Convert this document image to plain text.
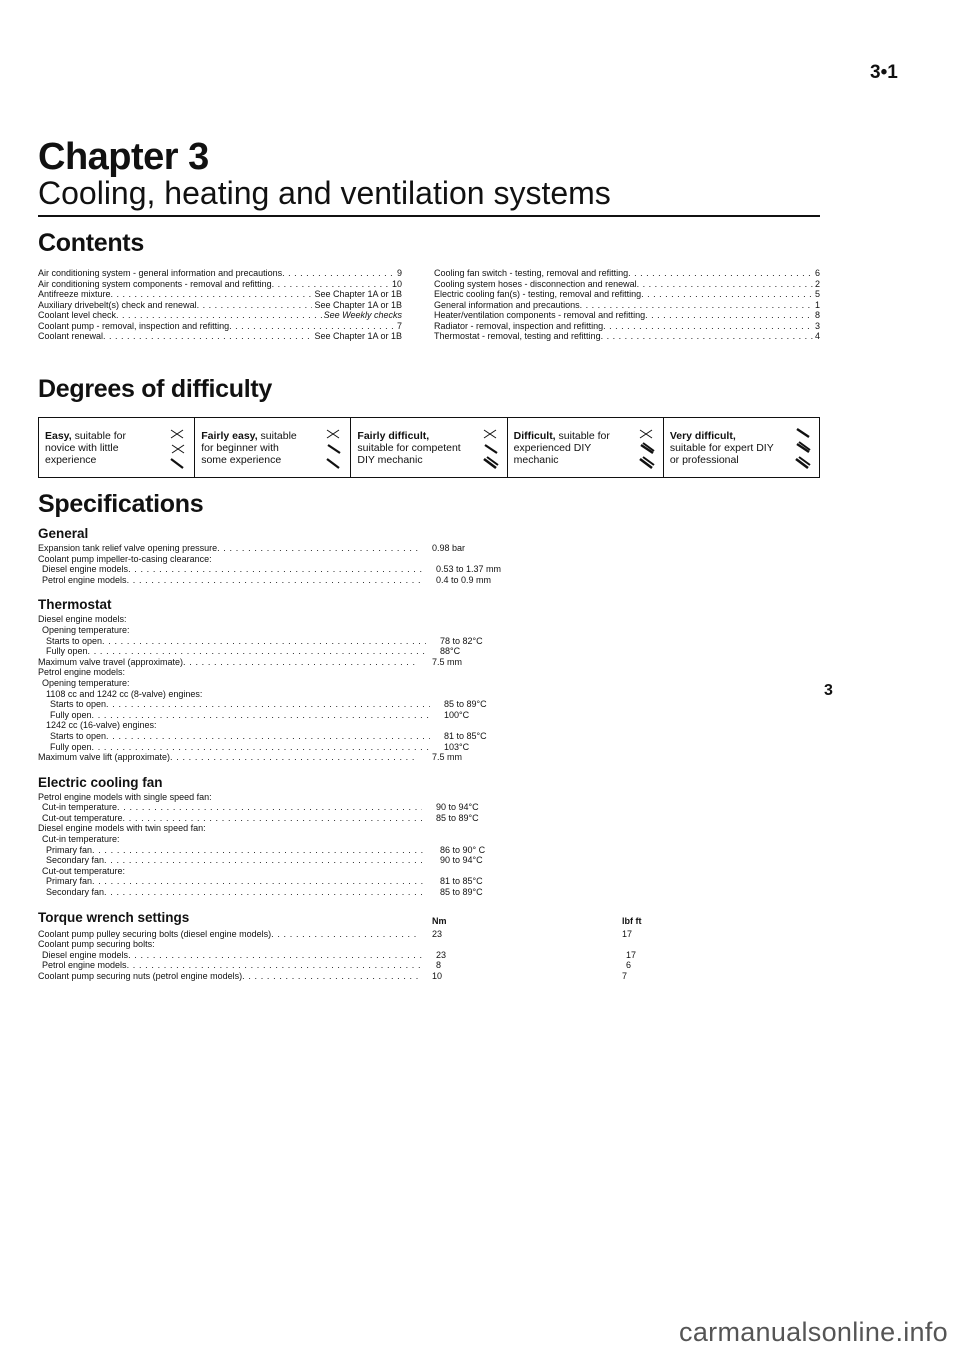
3•1
Chapter 3
Cooling, heating and ventilation systems
Contents
Air conditioning system - general information and precautions . . .	9
Air conditioning system components - removal and refitting . . .	10
Antifreeze mixture . . .	See Chapter 1A or 1B
Auxiliary drivebelt(s) check and renewal . . .	See Chapter 1A or 1B
Coolant level check . . .	See Weekly checks
Coolant pump - removal, inspection and refitting . . .	7
Coolant renewal . . .	See Chapter 1A or 1B
Cooling fan switch - testing, removal and refitting . . .	6
Cooling system hoses - disconnection and renewal . . .	2
Electric cooling fan(s) - testing, removal and refitting . . .	5
General information and precautions . . .	1
Heater/ventilation components - removal and refitting . . .	8
Radiator - removal, inspection and refitting . . .	3
Thermostat - removal, testing and refitting . . .	4
Degrees of difficulty
Easy, suitable for
novice with little
experience
Fairly easy, suitable
for beginner with
some experience
Fairly difficult,
suitable for competent
DIY mechanic
Difficult, suitable for
experienced DIY
mechanic
Very difficult,
suitable for expert DIY
or professional
Specifications
General
Expansion tank relief valve opening pressure . . .	0.98 bar
Coolant pump impeller-to-casing clearance:
Diesel engine models . . .	0.53 to 1.37 mm
Petrol engine models . . .	0.4 to 0.9 mm
Thermostat
Diesel engine models:
Opening temperature:
Starts to open . . .	78 to 82°C
Fully open . . .	88°C
Maximum valve travel (approximate) . . .	7.5 mm
Petrol engine models:
Opening temperature:
1108 cc and 1242 cc (8-valve) engines:
Starts to open . . .	85 to 89°C
Fully open . . .	100°C
1242 cc (16-valve) engines:
Starts to open . . .	81 to 85°C
Fully open . . .	103°C
Maximum valve lift (approximate) . . .	7.5 mm
Electric cooling fan
Petrol engine models with single speed fan:
Cut-in temperature . . .	90 to 94°C
Cut-out temperature . . .	85 to 89°C
Diesel engine models with twin speed fan:
Cut-in temperature:
Primary fan . . .	86 to 90° C
Secondary fan . . .	90 to 94°C
Cut-out temperature:
Primary fan . . .	81 to 85°C
Secondary fan . . .	85 to 89°C
Torque wrench settings	Nm	lbf ft
Coolant pump pulley securing bolts (diesel engine models) . . .	23	17
Coolant pump securing bolts:
Diesel engine models . . .	23	17
Petrol engine models . . .	8	6
Coolant pump securing nuts (petrol engine models) . . .	10	7
3
carmanualsonline.info
